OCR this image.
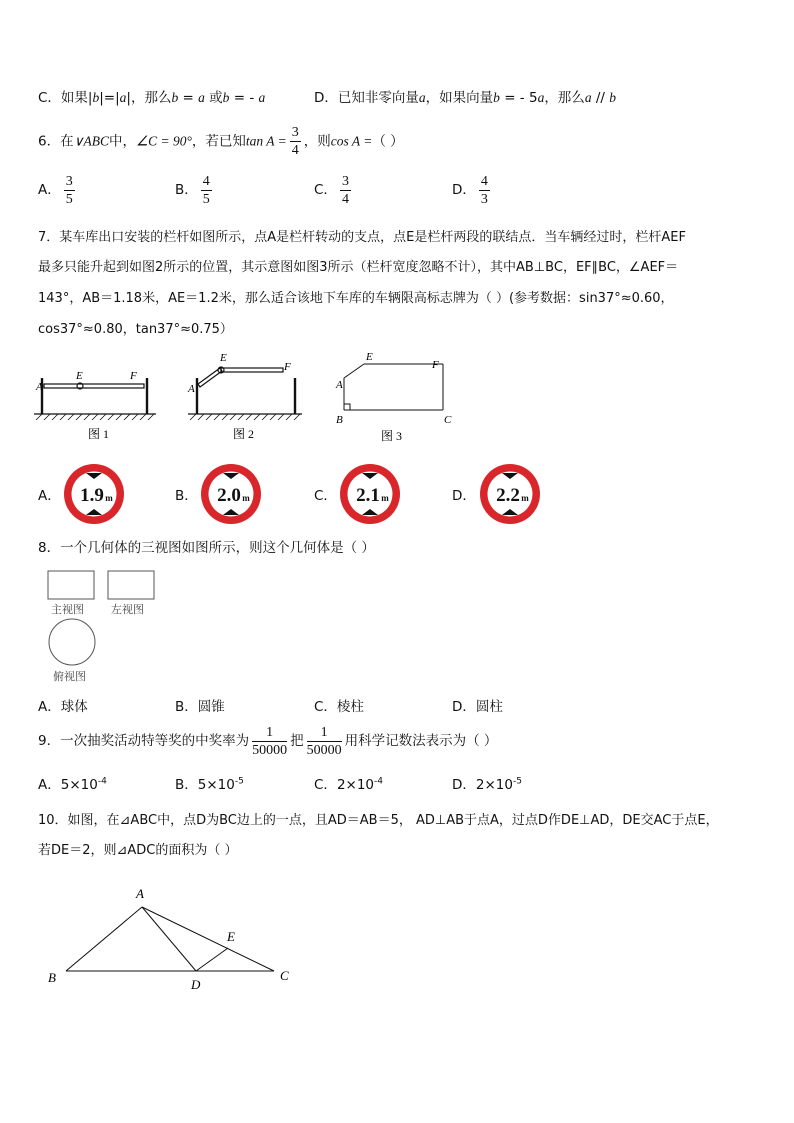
C．如果|b|=|a|，那么b = a 或b = - a	D．已知非零向量a，如果向量b = - 5a，那么a // b
6．在∨ABC中，∠C = 90°，若已知$\tan A = \frac{3}{4}$ ，则cos A =（ ）
A． $\frac{3}{5}$	B． $\frac{4}{5}$	C． $\frac{3}{4}$	D． $\frac{4}{3}$
7．某车库出口安装的栏杆如图所示，点A是栏杆转动的支点，点E是栏杆两段的联结点．当车辆经过时，栏杆AEF
最多只能升起到如图2所示的位置，其示意图如图3所示（栏杆宽度忽略不计），其中AB⊥BC，EF∥BC，∠AEF＝
143°，AB＝1.18米，AE＝1.2米，那么适合该地下车库的车辆限高标志牌为（ ）(参考数据：sin37°≈0.60，
cos37°≈0.80，tan37°≈0.75）
A
E	F
图 1
A
E
F
图 2
A
E
F
B	C
图 3
A． 1.9 m	B． 2.0 m	C． 2.1 m	D． 2.2 m
8．一个几何体的三视图如图所示，则这个几何体是（ ）
主视图 左视图
俯视图
A．球体	B．圆锥	C．棱柱	D．圆柱
9．一次抽奖活动特等奖的中奖率为 $\frac{1}{50000}$ 把 $\frac{1}{50000}$ 用科学记数法表示为（ ）
A．$5\times 10^{-4}$	B．$5\times 10^{-5}$	C．$2\times 10^{-4}$	D．$2\times 10^{-5}$
10．如图，在⊿ABC中，点D为BC边上的一点，且AD＝AB＝5， AD⊥AB于点A，过点D作DE⊥AD，DE交AC于点E，
若DE＝2，则⊿ADC的面积为（ ）
A
B	C
D
E
